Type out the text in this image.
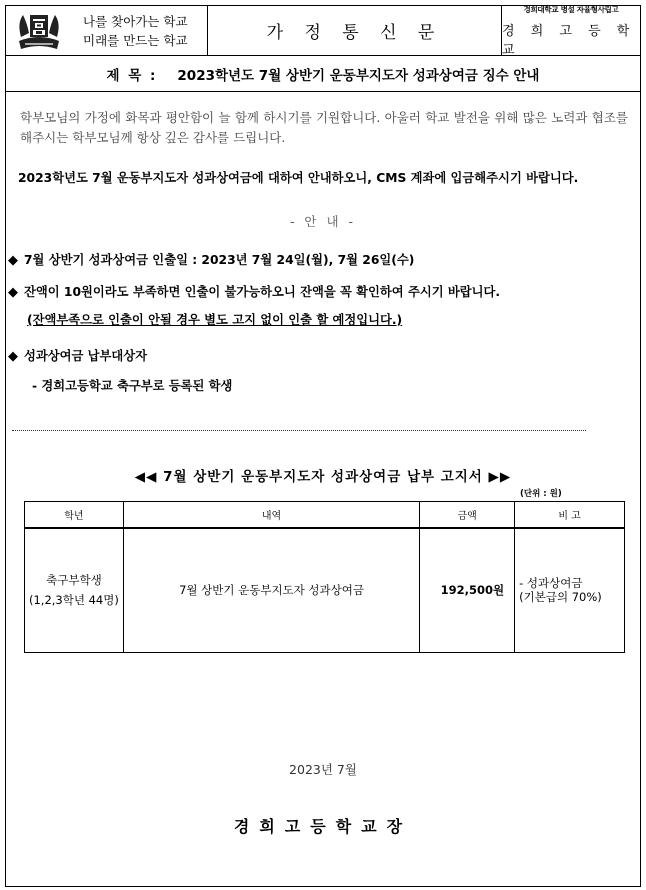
나를 찾아가는 학교
미래를 만드는 학교	가 정 통 신 문
경희대학교 병설 자율형사립고
경 희 고 등 학 교
제 목 : 2023학년도 7월 상반기 운동부지도자 성과상여금 징수 안내

학부모님의 가정에 화목과 평안함이 늘 함께 하시기를 기원합니다. 아울러 학교 발전을 위해 많은 노력과 협조를 해주시는 학부모님께 항상 깊은 감사를 드립니다.

2023학년도 7월 운동부지도자 성과상여금에 대하여 안내하오니, CMS 계좌에 입금해주시기 바랍니다.

- 안 내 -

◆ 7월 상반기 성과상여금 인출일 : 2023년 7월 24일(월), 7월 26일(수)
◆ 잔액이 10원이라도 부족하면 인출이 불가능하오니 잔액을 꼭 확인하여 주시기 바랍니다.
(잔액부족으로 인출이 안될 경우 별도 고지 없이 인출 할 예정입니다.)
◆ 성과상여금 납부대상자
- 경희고등학교 축구부로 등록된 학생
◀◀ 7월 상반기 운동부지도자 성과상여금 납부 고지서 ▶▶
(단위 : 원)
학년	내역	금액	비 고
축구부학생
(1,2,3학년 44명)	7월 상반기 운동부지도자 성과상여금	192,500원	- 성과상여금
(기본급의 70%)
2023년 7월
경희고등학교장
